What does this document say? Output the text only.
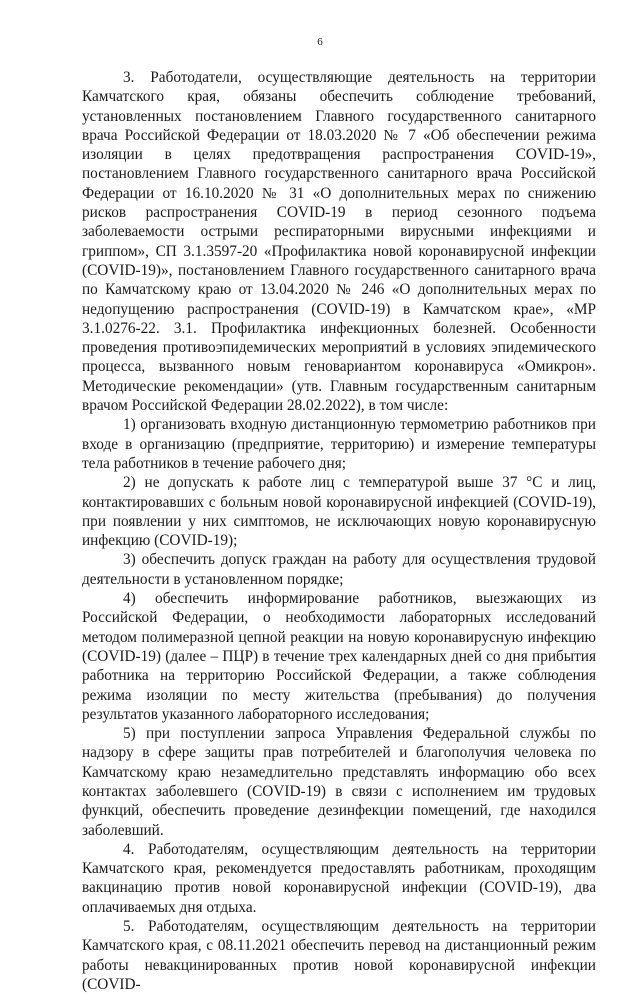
6

3. Работодатели, осуществляющие деятельность на территории Камчатского края, обязаны обеспечить соблюдение требований, установленных постановлением Главного государственного санитарного врача Российской Федерации от 18.03.2020 № 7 «Об обеспечении режима изоляции в целях предотвращения распространения COVID-19», постановлением Главного государственного санитарного врача Российской Федерации от 16.10.2020 № 31 «О дополнительных мерах по снижению рисков распространения COVID-19 в период сезонного подъема заболеваемости острыми респираторными вирусными инфекциями и гриппом», СП 3.1.3597-20 «Профилактика новой коронавирусной инфекции (COVID-19)», постановлением Главного государственного санитарного врача по Камчатскому краю от 13.04.2020 № 246 «О дополнительных мерах по недопущению распространения (COVID-19) в Камчатском крае», «МР 3.1.0276-22. 3.1. Профилактика инфекционных болезней. Особенности проведения противоэпидемических мероприятий в условиях эпидемического процесса, вызванного новым геновариантом коронавируса «Омикрон». Методические рекомендации» (утв. Главным государственным санитарным врачом Российской Федерации 28.02.2022), в том числе:

1) организовать входную дистанционную термометрию работников при входе в организацию (предприятие, территорию) и измерение температуры тела работников в течение рабочего дня;

2) не допускать к работе лиц с температурой выше 37 °С и лиц, контактировавших с больным новой коронавирусной инфекцией (COVID-19), при появлении у них симптомов, не исключающих новую коронавирусную инфекцию (COVID-19);

3) обеспечить допуск граждан на работу для осуществления трудовой деятельности в установленном порядке;

4) обеспечить информирование работников, выезжающих из Российской Федерации, о необходимости лабораторных исследований методом полимеразной цепной реакции на новую коронавирусную инфекцию (COVID-19) (далее – ПЦР) в течение трех календарных дней со дня прибытия работника на территорию Российской Федерации, а также соблюдения режима изоляции по месту жительства (пребывания) до получения результатов указанного лабораторного исследования;

5) при поступлении запроса Управления Федеральной службы по надзору в сфере защиты прав потребителей и благополучия человека по Камчатскому краю незамедлительно представлять информацию обо всех контактах заболевшего (COVID-19) в связи с исполнением им трудовых функций, обеспечить проведение дезинфекции помещений, где находился заболевший.

4. Работодателям, осуществляющим деятельность на территории Камчатского края, рекомендуется предоставлять работникам, проходящим вакцинацию против новой коронавирусной инфекции (COVID-19), два оплачиваемых дня отдыха.

5. Работодателям, осуществляющим деятельность на территории Камчатского края, с 08.11.2021 обеспечить перевод на дистанционный режим работы невакцинированных против новой коронавирусной инфекции (COVID-
